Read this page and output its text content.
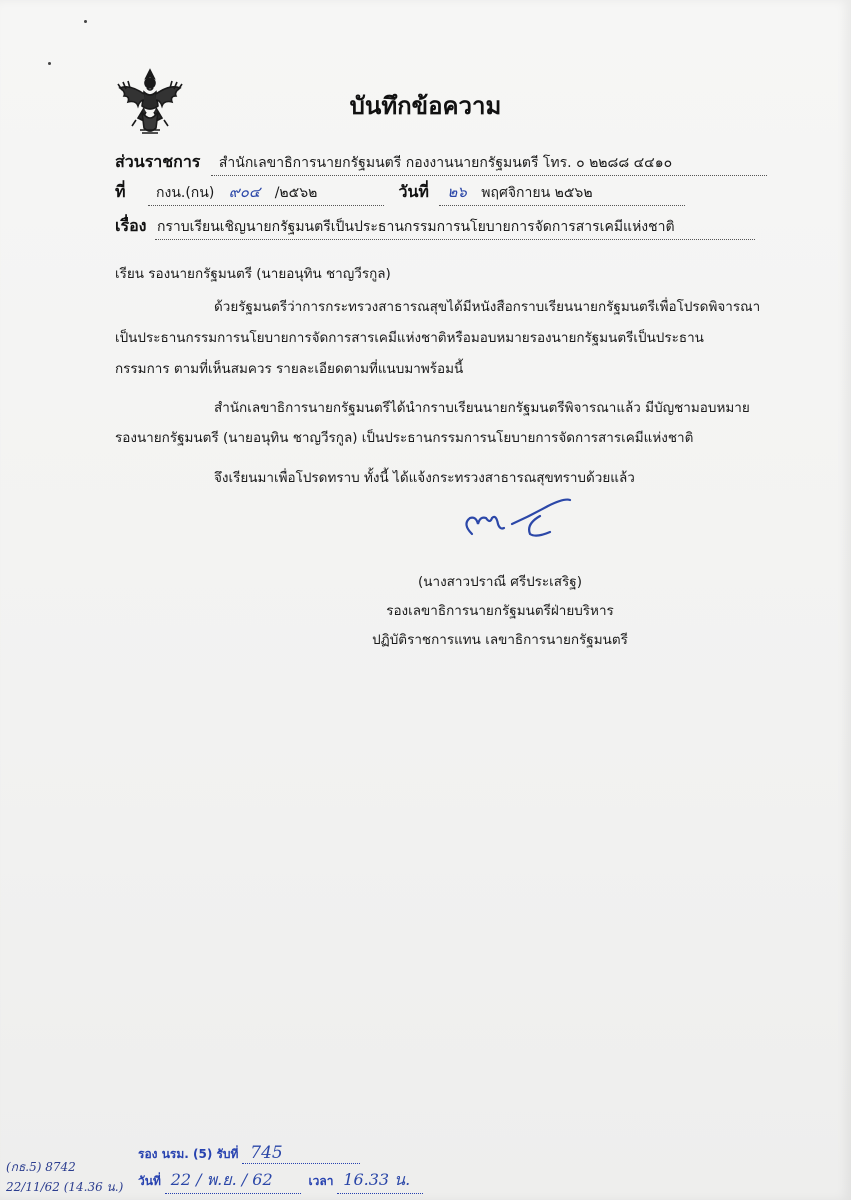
บันทึกข้อความ
ส่วนราชการ สำนักเลขาธิการนายกรัฐมนตรี กองงานนายกรัฐมนตรี โทร. ๐ ๒๒๘๘ ๔๔๑๐
ที่ กงน.(กน) ๙๐๔ /๒๕๖๒	วันที่ ๒๖ พฤศจิกายน ๒๕๖๒
เรื่อง กราบเรียนเชิญนายกรัฐมนตรีเป็นประธานกรรมการนโยบายการจัดการสารเคมีแห่งชาติ
เรียน รองนายกรัฐมนตรี (นายอนุทิน ชาญวีรกูล)
ด้วยรัฐมนตรีว่าการกระทรวงสาธารณสุขได้มีหนังสือกราบเรียนนายกรัฐมนตรีเพื่อโปรดพิจารณา
เป็นประธานกรรมการนโยบายการจัดการสารเคมีแห่งชาติหรือมอบหมายรองนายกรัฐมนตรีเป็นประธาน
กรรมการ ตามที่เห็นสมควร รายละเอียดตามที่แนบมาพร้อมนี้
สำนักเลขาธิการนายกรัฐมนตรีได้นำกราบเรียนนายกรัฐมนตรีพิจารณาแล้ว มีบัญชามอบหมาย
รองนายกรัฐมนตรี (นายอนุทิน ชาญวีรกูล) เป็นประธานกรรมการนโยบายการจัดการสารเคมีแห่งชาติ
จึงเรียนมาเพื่อโปรดทราบ ทั้งนี้ ได้แจ้งกระทรวงสาธารณสุขทราบด้วยแล้ว
(นางสาวปราณี ศรีประเสริฐ)
รองเลขาธิการนายกรัฐมนตรีฝ่ายบริหาร
ปฏิบัติราชการแทน เลขาธิการนายกรัฐมนตรี
(กธ.5) 8742
22/11/62 (14.36 น.)
รอง นรม. (5) รับที่ 745
วันที่ 22 / พ.ย. / 62	เวลา 16.33 น.
